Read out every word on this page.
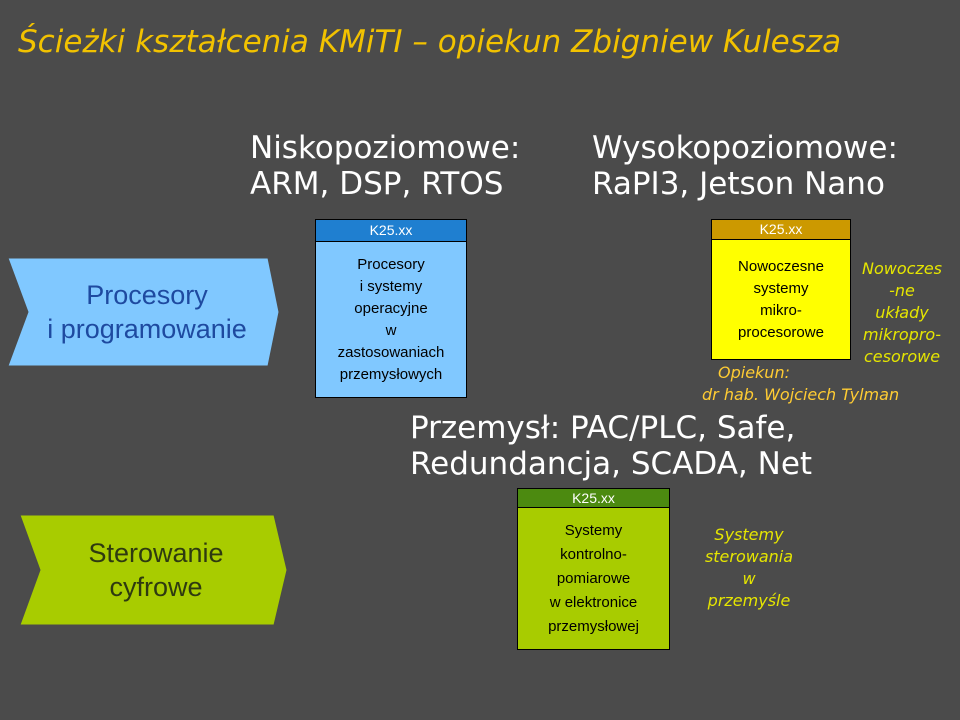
Ścieżki kształcenia KMiTI – opiekun Zbigniew Kulesza
Niskopoziomowe:
ARM, DSP, RTOS
Wysokopoziomowe:
RaPI3, Jetson Nano
Przemysł: PAC/PLC, Safe,
Redundancja, SCADA, Net
Procesory
i programowanie
Sterowanie
cyfrowe
K25.xx
Procesory
i systemy
operacyjne
w
zastosowaniach
przemysłowych
K25.xx
Nowoczesne
systemy
mikro-
procesorowe
K25.xx
Systemy
kontrolno-
pomiarowe
w elektronice
przemysłowej
Nowoczes
-ne
układy
mikropro-
cesorowe
Systemy
sterowania
w
przemyśle
Opiekun:
dr hab. Wojciech Tylman
